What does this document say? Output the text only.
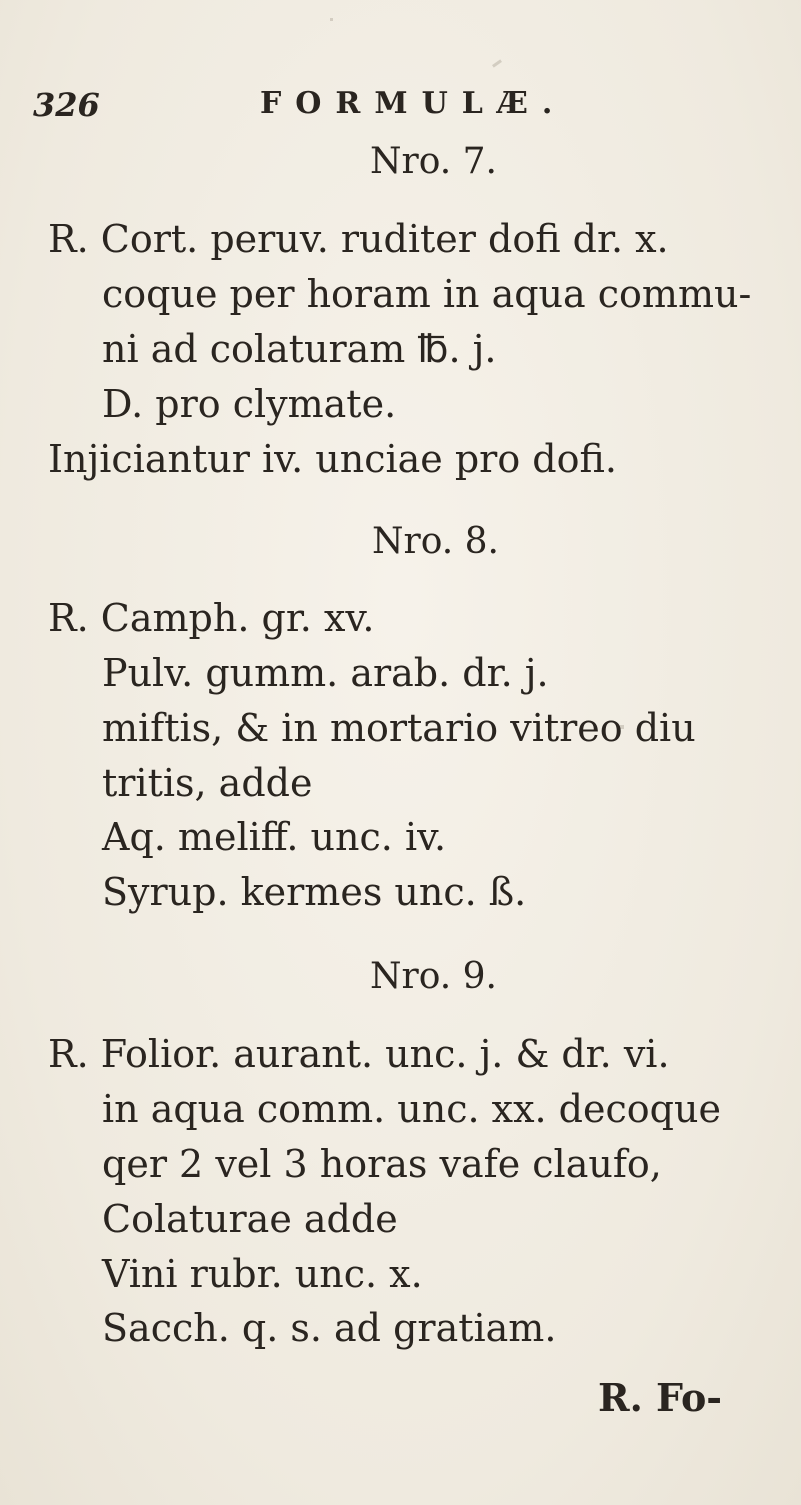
326	FORMULÆ.
Nro. 7.
R. Cort. peruv. ruditer dofi dr. x.
coque per horam in aqua commu-
ni ad colaturam ℔. j.
D. pro clymate.
Injiciantur iv. unciae pro dofi.
Nro. 8.
R. Camph. gr. xv.
Pulv. gumm. arab. dr. j.
miftis, & in mortario vitreo diu
tritis, adde
Aq. meliff. unc. iv.
Syrup. kermes unc. ß.
Nro. 9.
R. Folior. aurant. unc. j. & dr. vi.
in aqua comm. unc. xx. decoque
qer 2 vel 3 horas vafe claufo,
Colaturae adde
Vini rubr. unc. x.
Sacch. q. s. ad gratiam.
R. Fo-
